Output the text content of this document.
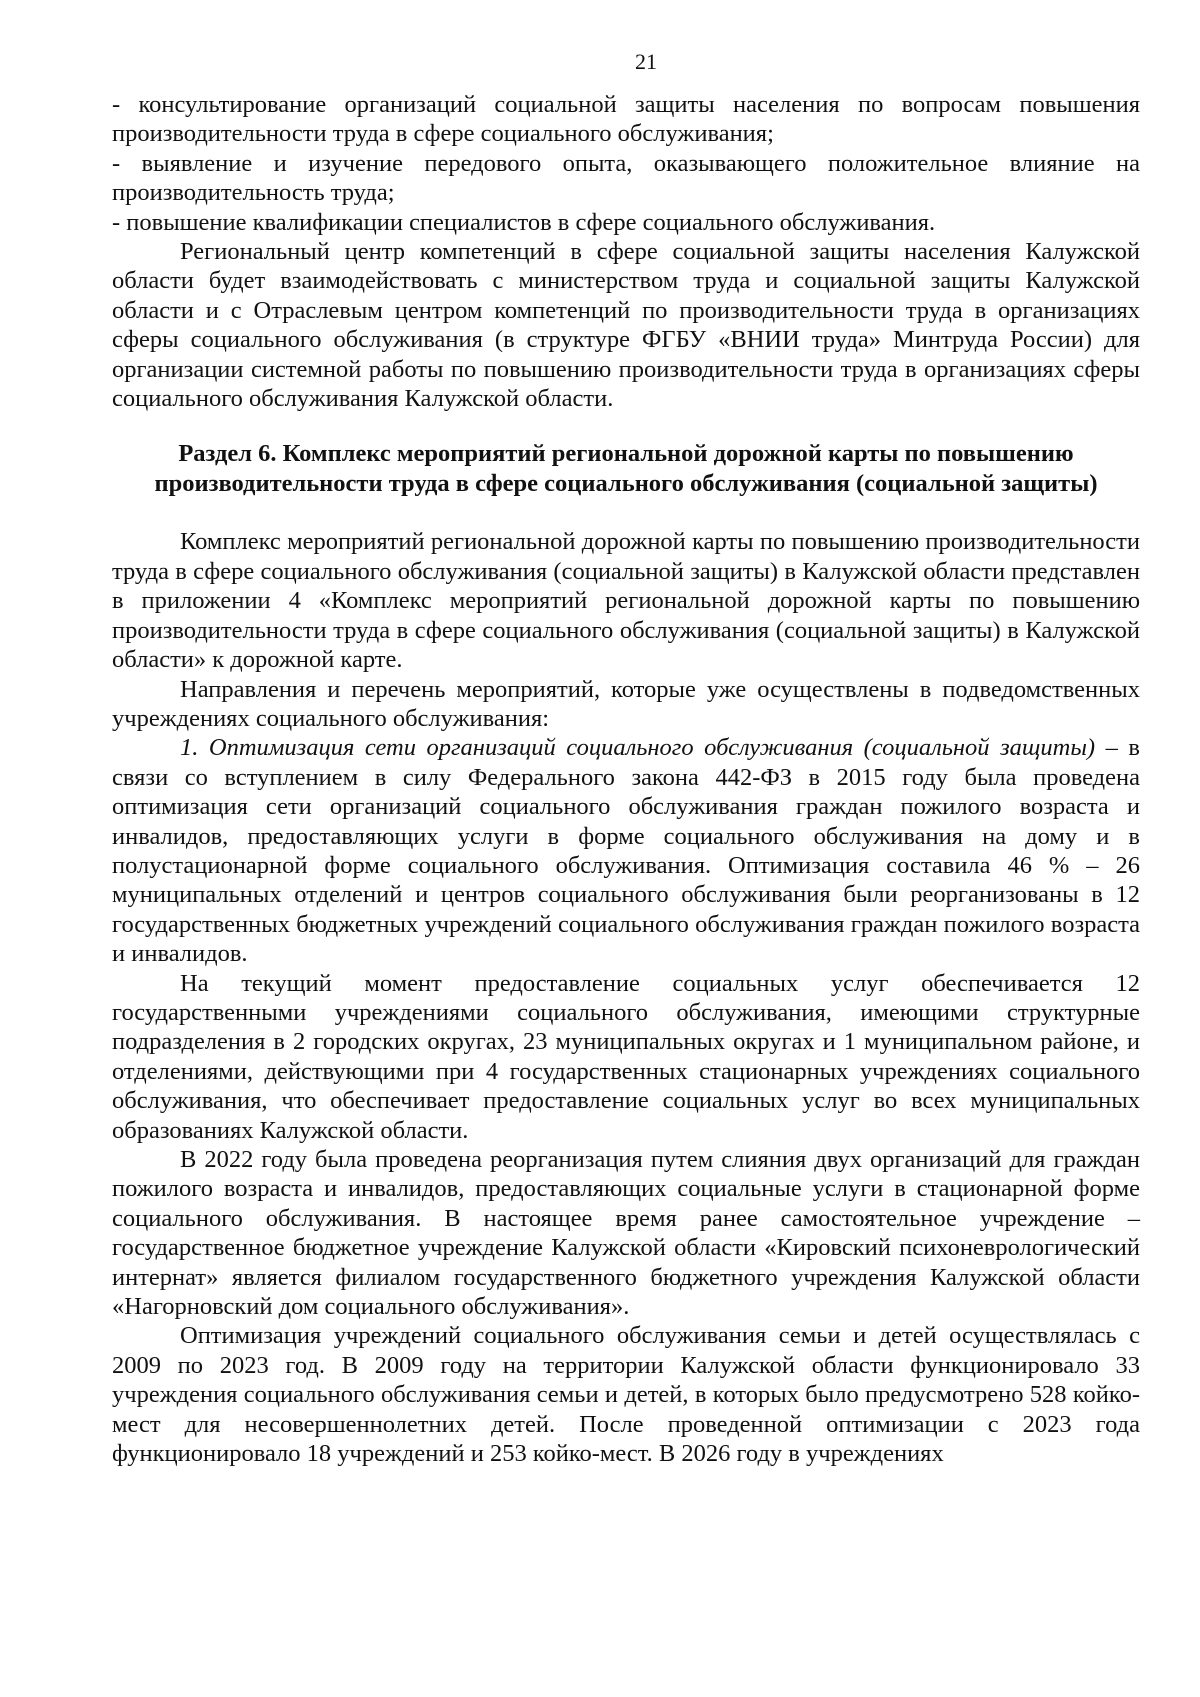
21

- консультирование организаций социальной защиты населения по вопросам повышения производительности труда в сфере социального обслуживания;

- выявление и изучение передового опыта, оказывающего положительное влияние на производительность труда;

- повышение квалификации специалистов в сфере социального обслуживания.

Региональный центр компетенций в сфере социальной защиты населения Калужской области будет взаимодействовать с министерством труда и социальной защиты Калужской области и с Отраслевым центром компетенций по производительности труда в организациях сферы социального обслуживания (в структуре ФГБУ «ВНИИ труда» Минтруда России) для организации системной работы по повышению производительности труда в организациях сферы социального обслуживания Калужской области.

Раздел 6. Комплекс мероприятий региональной дорожной карты по повышению
производительности труда в сфере социального обслуживания (социальной защиты)

Комплекс мероприятий региональной дорожной карты по повышению производительности труда в сфере социального обслуживания (социальной защиты) в Калужской области представлен в приложении 4 «Комплекс мероприятий региональной дорожной карты по повышению производительности труда в сфере социального обслуживания (социальной защиты) в Калужской области» к дорожной карте.

Направления и перечень мероприятий, которые уже осуществлены в подведомственных учреждениях социального обслуживания:

1. Оптимизация сети организаций социального обслуживания (социальной защиты) – в связи со вступлением в силу Федерального закона 442-ФЗ в 2015 году была проведена оптимизация сети организаций социального обслуживания граждан пожилого возраста и инвалидов, предоставляющих услуги в форме социального обслуживания на дому и в полустационарной форме социального обслуживания. Оптимизация составила 46 % – 26 муниципальных отделений и центров социального обслуживания были реорганизованы в 12 государственных бюджетных учреждений социального обслуживания граждан пожилого возраста и инвалидов.

На текущий момент предоставление социальных услуг обеспечивается 12 государственными учреждениями социального обслуживания, имеющими структурные подразделения в 2 городских округах, 23 муниципальных округах и 1 муниципальном районе, и отделениями, действующими при 4 государственных стационарных учреждениях социального обслуживания, что обеспечивает предоставление социальных услуг во всех муниципальных образованиях Калужской области.

В 2022 году была проведена реорганизация путем слияния двух организаций для граждан пожилого возраста и инвалидов, предоставляющих социальные услуги в стационарной форме социального обслуживания. В настоящее время ранее самостоятельное учреждение – государственное бюджетное учреждение Калужской области «Кировский психоневрологический интернат» является филиалом государственного бюджетного учреждения Калужской области «Нагорновский дом социального обслуживания».

Оптимизация учреждений социального обслуживания семьи и детей осуществлялась с 2009 по 2023 год. В 2009 году на территории Калужской области функционировало 33 учреждения социального обслуживания семьи и детей, в которых было предусмотрено 528 койко-мест для несовершеннолетних детей. После проведенной оптимизации с 2023 года функционировало 18 учреждений и 253 койко-мест. В 2026 году в учреждениях
